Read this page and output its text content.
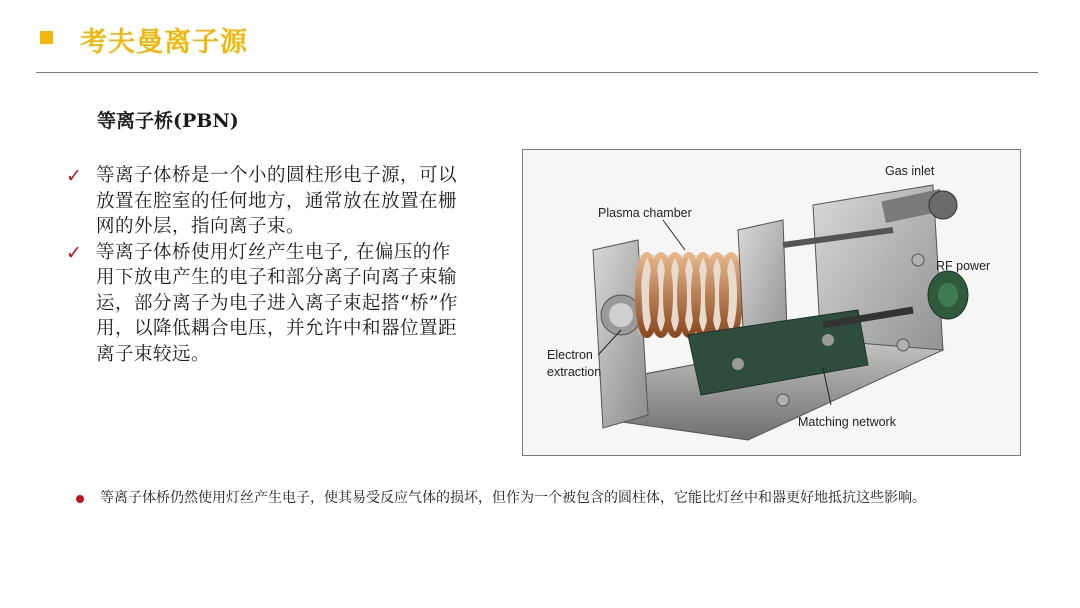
考夫曼离子源
等离子桥(PBN)
✓ 等离子体桥是一个小的圆柱形电子源，可以放置在腔室的任何地方，通常放在放置在栅网的外层，指向离子束。
✓ 等离子体桥使用灯丝产生电子, 在偏压的作用下放电产生的电子和部分离子向离子束输运，部分离子为电子进入离子束起搭“桥”作用，以降低耦合电压，并允许中和器位置距离子束较远。
Gas inlet
Plasma chamber
RF power
Electron
extraction
Matching network
等离子体桥仍然使用灯丝产生电子，使其易受反应气体的损坏，但作为一个被包含的圆柱体，它能比灯丝中和器更好地抵抗这些影响。
